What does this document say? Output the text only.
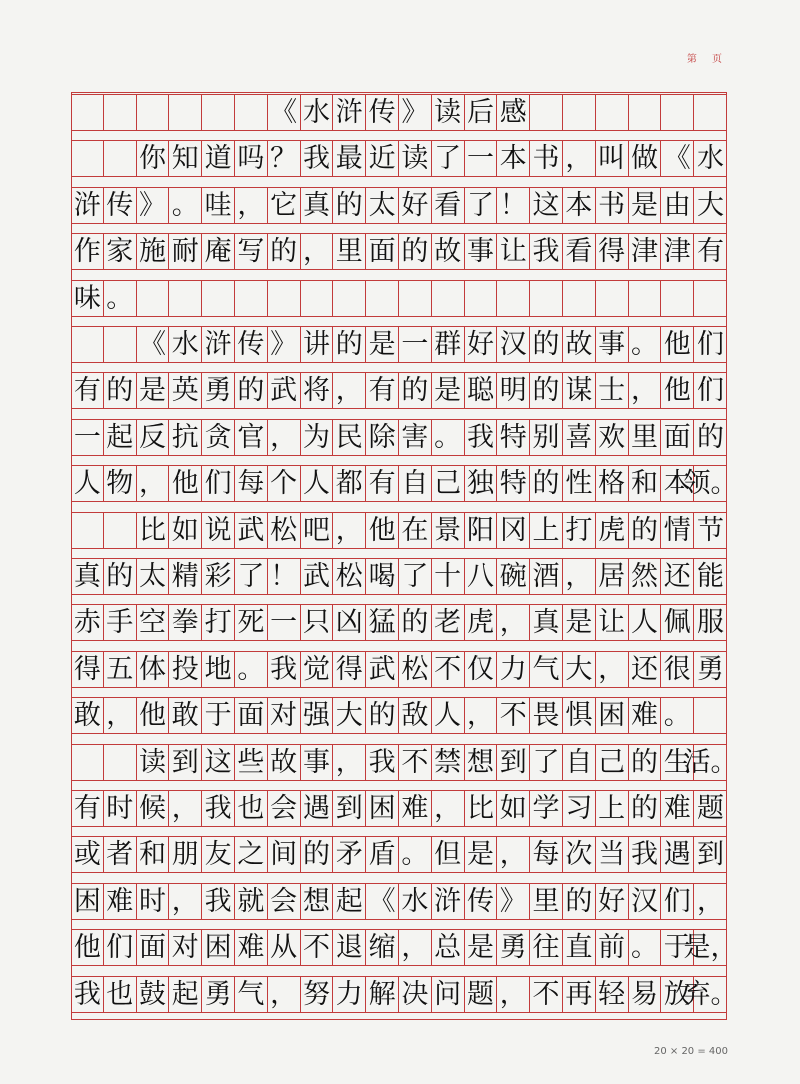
第 页
《 水 浒 传 》 读 后 感
你 知 道 吗 ？ 我 最 近 读 了 一 本 书 ， 叫 做 《 水
浒 传 》 。 哇 ， 它 真 的 太 好 看 了 ！ 这 本 书 是 由 大
作 家 施 耐 庵 写 的 ， 里 面 的 故 事 让 我 看 得 津 津 有
味 。
《 水 浒 传 》 讲 的 是 一 群 好 汉 的 故 事 。 他 们
有 的 是 英 勇 的 武 将 ， 有 的 是 聪 明 的 谋 士 ， 他 们
一 起 反 抗 贪 官 ， 为 民 除 害 。 我 特 别 喜 欢 里 面 的
人 物 ， 他 们 每 个 人 都 有 自 己 独 特 的 性 格 和 本
领。
比 如 说 武 松 吧 ， 他 在 景 阳 冈 上 打 虎 的 情 节
真 的 太 精 彩 了 ！ 武 松 喝 了 十 八 碗 酒 ， 居 然 还 能
赤 手 空 拳 打 死 一 只 凶 猛 的 老 虎 ， 真 是 让 人 佩 服
得 五 体 投 地 。 我 觉 得 武 松 不 仅 力 气 大 ， 还 很 勇
敢 ， 他 敢 于 面 对 强 大 的 敌 人 ， 不 畏 惧 困 难 。
读 到 这 些 故 事 ， 我 不 禁 想 到 了 自 己 的 生
活。
有 时 候 ， 我 也 会 遇 到 困 难 ， 比 如 学 习 上 的 难 题
或 者 和 朋 友 之 间 的 矛 盾 。 但 是 ， 每 次 当 我 遇 到
困 难 时 ， 我 就 会 想 起 《 水 浒 传 》 里 的 好 汉 们 ，
他 们 面 对 困 难 从 不 退 缩 ， 总 是 勇 往 直 前 。 于
是，
我 也 鼓 起 勇 气 ， 努 力 解 决 问 题 ， 不 再 轻 易 放
弃。
20 × 20 = 400
